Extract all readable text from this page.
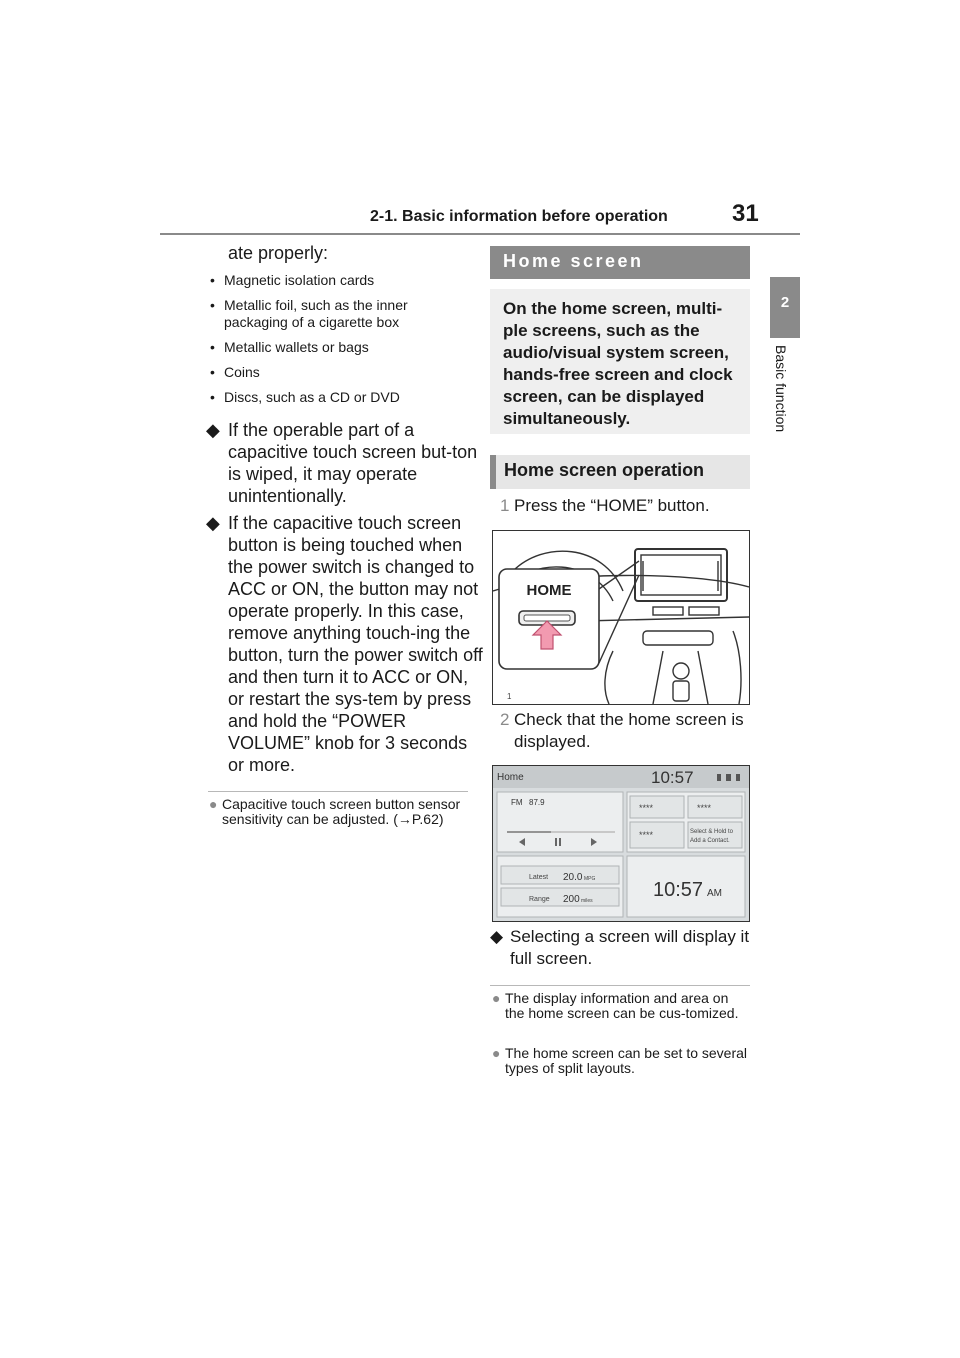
2-1. Basic information before operation	31
2
Basic function
ate properly:
• Magnetic isolation cards
• Metallic foil, such as the inner packaging of a cigarette box
• Metallic wallets or bags
• Coins
• Discs, such as a CD or DVD
◆ If the operable part of a capacitive touch screen but-ton is wiped, it may operate unintentionally.
◆ If the capacitive touch screen button is being touched when the power switch is changed to ACC or ON, the button may not operate properly. In this case, remove anything touch-ing the button, turn the power switch off and then turn it to ACC or ON, or restart the sys-tem by press and hold the “POWER VOLUME” knob for 3 seconds or more.
● Capacitive touch screen button sensor sensitivity can be adjusted. (→P.62)
Home screen
On the home screen, multi-ple screens, such as the audio/visual system screen, hands-free screen and clock screen, can be displayed simultaneously.
Home screen operation
1 Press the “HOME” button.
HOME
1
2 Check that the home screen is displayed.
Home	10:57
FM 87.9
****	****
****	Select & Hold to
Add a Contact.
Latest 20.0 MPG
Range 200 miles	10:57 AM
◆ Selecting a screen will display it full screen.
● The display information and area on the home screen can be cus-tomized.
● The home screen can be set to several types of split layouts.
